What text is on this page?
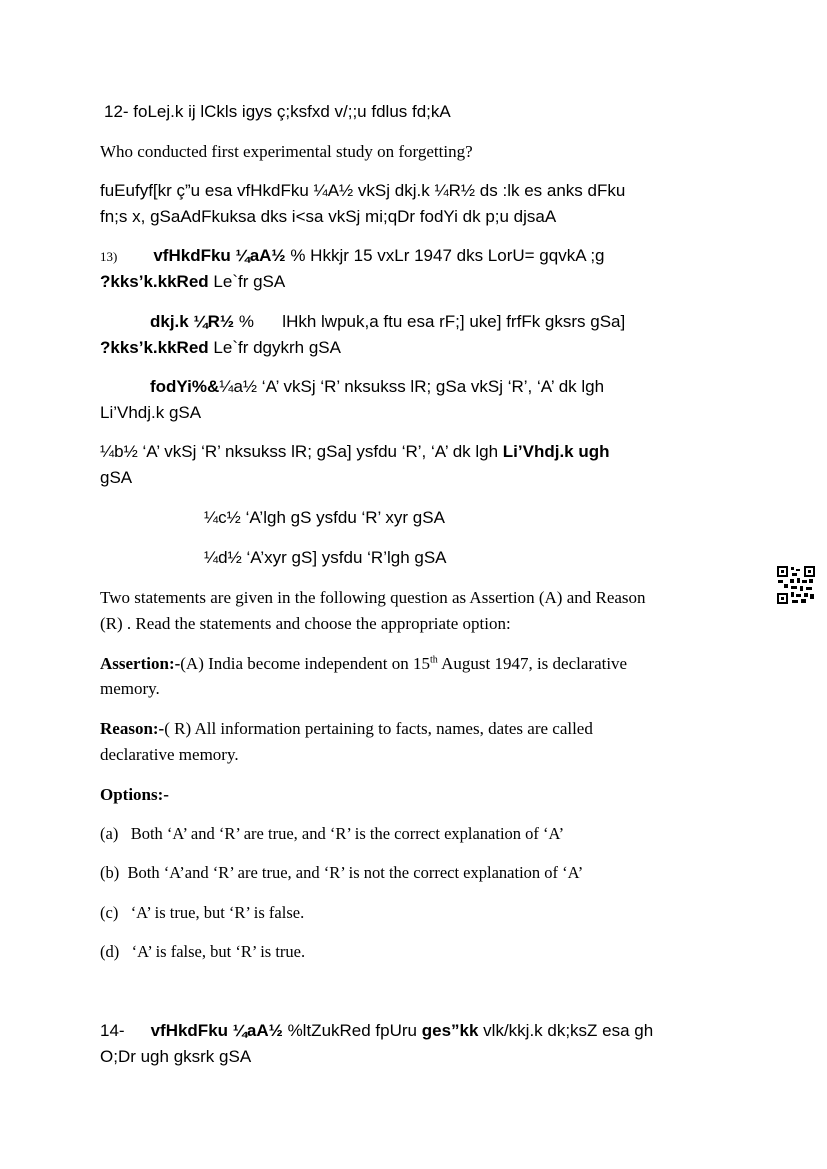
12- foLej.k ij lCkls igys ç;ksfxd v/;;u fdlus fd;kA

Who conducted first experimental study on forgetting?

fuEufyf[kr ç”u esa vfHkdFku ¼A½ vkSj dkj.k ¼R½ ds :lk es anks dFku

fn;s x, gSaAdFkuksa dks i<sa vkSj mi;qDr fodYi dk p;u djsaA

13) vfHkdFku ¼aA½ % Hkkjr 15 vxLr 1947 dks LorU= gqvkA ;g

?kks’k.kkRed Le`fr gSA

dkj.k ¼R½ %      lHkh lwpuk,a ftu esa rF;] uke] frfFk gksrs gSa]

?kks’k.kkRed Le`fr dgykrh gSA

fodYi%&¼a½ ‘A’ vkSj ‘R’ nksukss lR; gSa vkSj ‘R’, ‘A’ dk lgh

Li’Vhdj.k gSA

¼b½ ‘A’ vkSj ‘R’ nksukss lR; gSa] ysfdu ‘R’, ‘A’ dk lgh Li’Vhdj.k ugh

gSA

¼c½ ‘A’lgh gS ysfdu ‘R’ xyr gSA

¼d½ ‘A’xyr gS] ysfdu ‘R’lgh gSA

Two statements are given in the following question as Assertion (A) and Reason

(R) . Read the statements and choose the appropriate option:

Assertion:-(A) India become independent on 15th August 1947, is declarative

memory.

Reason:-( R) All information pertaining to facts, names, dates are called

declarative memory.

Options:-

(a)   Both ‘A’ and ‘R’ are true, and ‘R’ is the correct explanation of ‘A’

(b)  Both ‘A’and ‘R’ are true, and ‘R’ is not the correct explanation of ‘A’

(c)   ‘A’ is true, but ‘R’ is false.

(d)   ‘A’ is false, but ‘R’ is true.

14- vfHkdFku ¼aA½ %ltZukRed fpUru ges”kk vlk/kkj.k dk;ksZ esa gh

O;Dr ugh gksrk gSA
